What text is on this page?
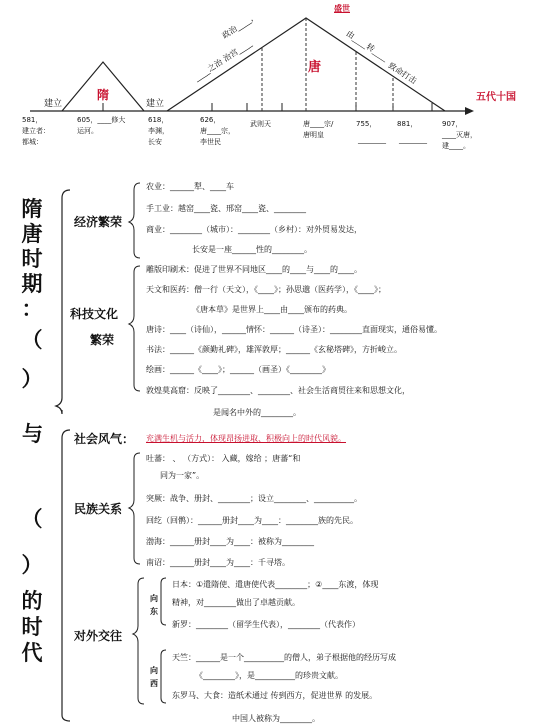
盛世
隋
唐
五代十国
建立	建立
政治____，
____之治 治宫____	由____转____
致命打击
581，
建立者：
都城：
605，____修大
运河。
618，
李渊，
长安
626，
唐____宗，
李世民
武则天	唐____宗/
唐明皇
755，
________
881，
________
907，
____灭唐，
建____。
隋
唐
时
期
：
（
）
与
（
）
的
时
代
经济繁荣
科技文化
繁荣
社会风气： 充满生机与活力，体现昂扬进取、积极向上的时代风貌。
民族关系
对外交往
向
东
向
西
农业：______犁、____车
手工业：越窑____瓷、邢窑____瓷、________
商业：________（城市）：________（乡村）：对外贸易发达，
长安是一座______性的________。
雕版印刷术：促进了世界不同地区____的____与____的____。
天文和医药：僧一行（天文），《____》；孙思邈（医药学），《____》；
《唐本草》是世界上____由____颁布的药典。
唐诗：____（诗仙），______情怀：______（诗圣）：________直面现实，通俗易懂。
书法：______《颜勤礼碑》，雄浑敦厚；______《玄秘塔碑》，方折峻立。
绘画：______《____》；______（画圣）《________》
敦煌莫高窟：反映了________、________、社会生活商贸往来和思想文化，
是闻名中外的________。
吐蕃： 、 （方式）： 入藏，嫁给 ；唐蕃“和
同为一家”。
突厥：战争、册封、________；设立________、__________。
回纥（回鹘）：______册封____为____：________族的先民。
渤海：______册封____为____：被称为________
南诏：______册封____为____：千寻塔。
日本：①遣隋使、遣唐使代表________；②____东渡，体现
精神，对________做出了卓越贡献。
新罗：________（留学生代表），________（代表作）
天竺：______是一个__________的僧人，弟子根据他的经历写成
《________》，是__________的珍贵文献。
东罗马、大食：造纸术通过 传到西方，促进世界 的发展。
中国人被称为________。
